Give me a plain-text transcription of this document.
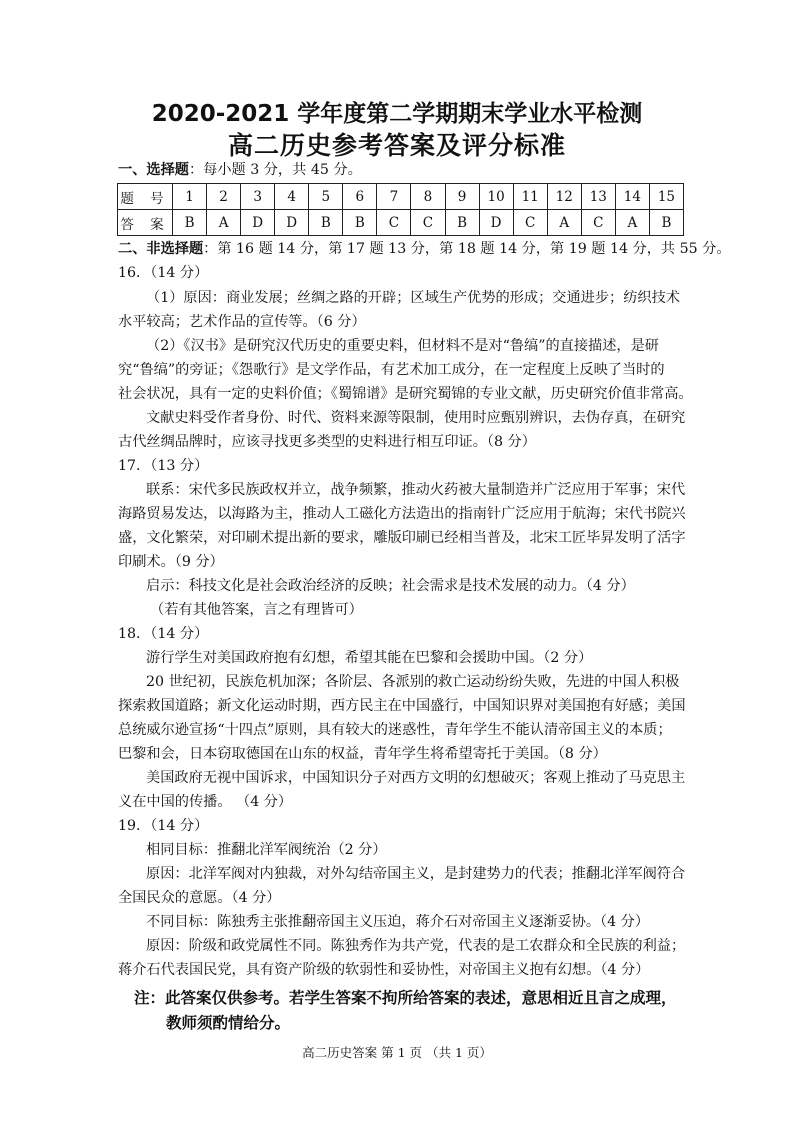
2020-2021 学年度第二学期期末学业水平检测
高二历史参考答案及评分标准
一、选择题：每小题 3 分，共 45 分。
题 号	1	2	3	4	5	6	7	8	9	10	11	12	13	14	15
答 案	B	A	D	D	B	B	C	C	B	D	C	A	C	A	B
二、非选择题：第 16 题 14 分，第 17 题 13 分，第 18 题 14 分，第 19 题 14 分，共 55 分。
16．（14 分）
（1）原因：商业发展；丝绸之路的开辟；区域生产优势的形成；交通进步；纺织技术
水平较高；艺术作品的宣传等。（6 分）
（2）《汉书》是研究汉代历史的重要史料，但材料不是对“鲁缟”的直接描述，是研
究“鲁缟”的旁证；《怨歌行》是文学作品，有艺术加工成分，在一定程度上反映了当时的
社会状况，具有一定的史料价值；《蜀锦谱》是研究蜀锦的专业文献，历史研究价值非常高。
文献史料受作者身份、时代、资料来源等限制，使用时应甄别辨识，去伪存真，在研究
古代丝绸品牌时，应该寻找更多类型的史料进行相互印证。（8 分）
17．（13 分）
联系：宋代多民族政权并立，战争频繁，推动火药被大量制造并广泛应用于军事；宋代
海路贸易发达，以海路为主，推动人工磁化方法造出的指南针广泛应用于航海；宋代书院兴
盛，文化繁荣，对印刷术提出新的要求，雕版印刷已经相当普及，北宋工匠毕昇发明了活字
印刷术。（9 分）
启示：科技文化是社会政治经济的反映；社会需求是技术发展的动力。（4 分）
（若有其他答案，言之有理皆可）
18．（14 分）
游行学生对美国政府抱有幻想，希望其能在巴黎和会援助中国。（2 分）
20 世纪初，民族危机加深；各阶层、各派别的救亡运动纷纷失败，先进的中国人积极
探索救国道路；新文化运动时期，西方民主在中国盛行，中国知识界对美国抱有好感；美国
总统威尔逊宣扬“十四点”原则，具有较大的迷惑性，青年学生不能认清帝国主义的本质；
巴黎和会，日本窃取德国在山东的权益，青年学生将希望寄托于美国。（8 分）
美国政府无视中国诉求，中国知识分子对西方文明的幻想破灭；客观上推动了马克思主
义在中国的传播。 （4 分）
19．（14 分）
相同目标：推翻北洋军阀统治（2 分）
原因：北洋军阀对内独裁，对外勾结帝国主义，是封建势力的代表；推翻北洋军阀符合
全国民众的意愿。（4 分）
不同目标：陈独秀主张推翻帝国主义压迫，蒋介石对帝国主义逐渐妥协。（4 分）
原因：阶级和政党属性不同。陈独秀作为共产党，代表的是工农群众和全民族的利益；
蒋介石代表国民党，具有资产阶级的软弱性和妥协性，对帝国主义抱有幻想。（4 分）
注：此答案仅供参考。若学生答案不拘所给答案的表述，意思相近且言之成理，
教师须酌情给分。
高二历史答案 第 1 页 （共 1 页）
